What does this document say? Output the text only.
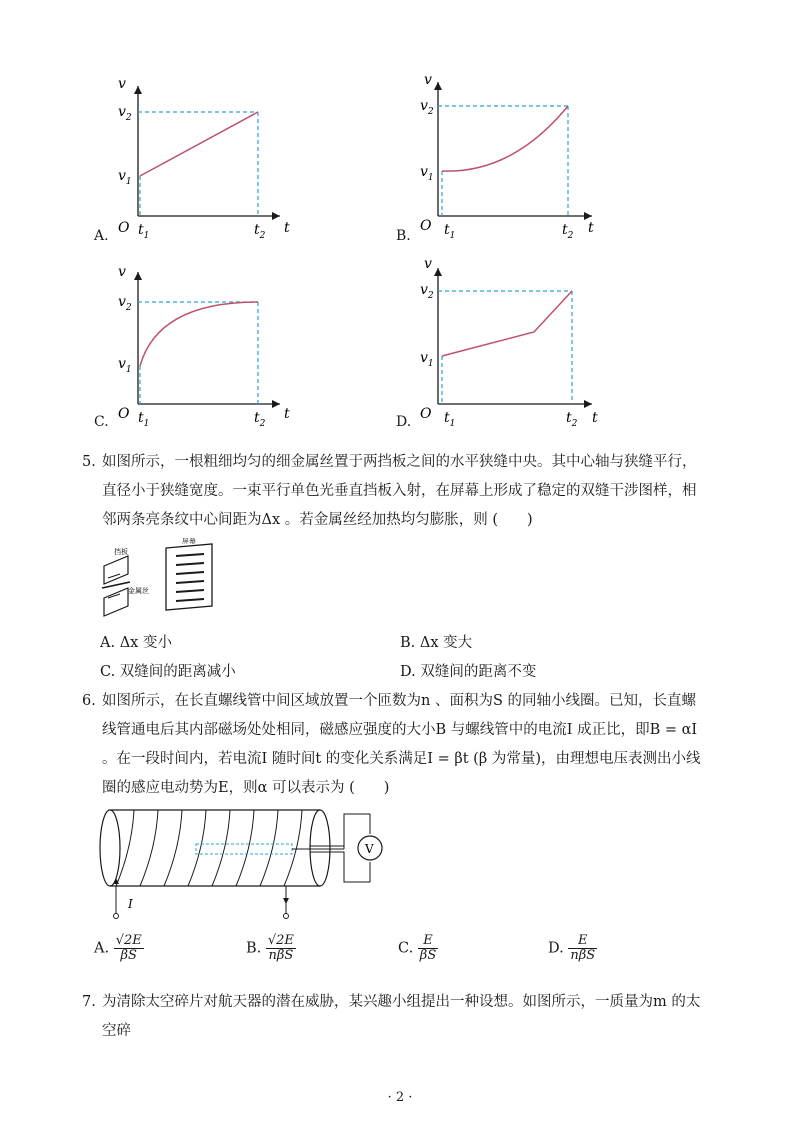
A.
v
$v_2$
$v_1$
O $t_1$	$t_2$ t	B.
v
$v_2$
$v_1$
O $t_1$	$t_2$ t
C.
v
$v_2$
$v_1$
O $t_1$	$t_2$
t	D.
v
$v_2$
$v_1$
O $t_1$	$t_2$ t
5. 如图所示，一根粗细均匀的细金属丝置于两挡板之间的水平狭缝中央。其中心轴与狭缝平行，直径小于狭缝宽度。一束平行单色光垂直挡板入射，在屏幕上形成了稳定的双缝干涉图样，相邻两条亮条纹中心间距为Δx 。若金属丝经加热均匀膨胀，则 (　　)
挡板
金属丝
屏幕
A. Δx 变小	B. Δx 变大
C. 双缝间的距离减小	D. 双缝间的距离不变
6. 如图所示，在长直螺线管中间区域放置一个匝数为n 、面积为S 的同轴小线圈。已知，长直螺线管通电后其内部磁场处处相同，磁感应强度的大小B 与螺线管中的电流I 成正比，即B = αI 。在一段时间内，若电流I 随时间t 的变化关系满足I = βt (β 为常量)，由理想电压表测出小线圈的感应电动势为E，则α 可以表示为 (　　)
V
I
A. $\frac{√2E}{\beta S}$	B. $\frac{√2E}{\text{nβS}}$	C. $\frac{E}{\beta S}$	D. $\frac{E}{\text{nβS}}$
7. 为清除太空碎片对航天器的潜在威胁，某兴趣小组提出一种设想。如图所示，一质量为m 的太空碎
· 2 ·
